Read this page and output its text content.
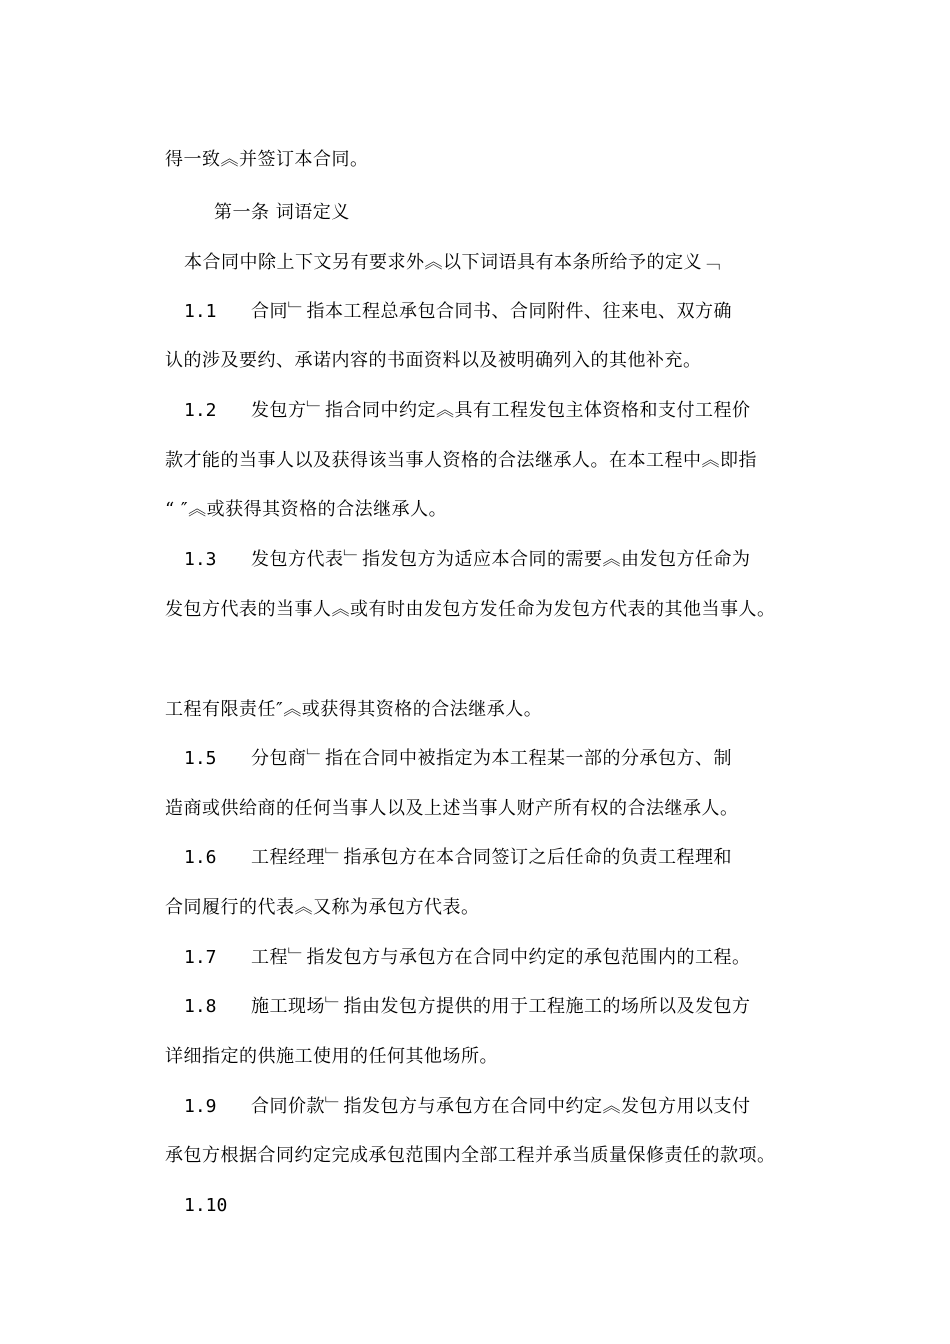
得一致︽并签订本合同。
第一条 词语定义
本合同中除上下文另有要求外︽以下词语具有本条所给予的定义﹁
1.1 合同﹂指本工程总承包合同书、合同附件、往来电、双方确
认的涉及要约、承诺内容的书面资料以及被明确列入的其他补充。
1.2 发包方﹂指合同中约定︽具有工程发包主体资格和支付工程价
款才能的当事人以及获得该当事人资格的合法继承人。在本工程中︽即指
“ ″︽或获得其资格的合法继承人。
1.3 发包方代表﹂指发包方为适应本合同的需要︽由发包方任命为
发包方代表的当事人︽或有时由发包方发任命为发包方代表的其他当事人。
工程有限责任″︽或获得其资格的合法继承人。
1.5 分包商﹂指在合同中被指定为本工程某一部的分承包方、制
造商或供给商的任何当事人以及上述当事人财产所有权的合法继承人。
1.6 工程经理﹂指承包方在本合同签订之后任命的负责工程理和
合同履行的代表︽又称为承包方代表。
1.7 工程﹂指发包方与承包方在合同中约定的承包范围内的工程。
1.8 施工现场﹂指由发包方提供的用于工程施工的场所以及发包方
详细指定的供施工使用的任何其他场所。
1.9 合同价款﹂指发包方与承包方在合同中约定︽发包方用以支付
承包方根据合同约定完成承包范围内全部工程并承当质量保修责任的款项。
1.10
